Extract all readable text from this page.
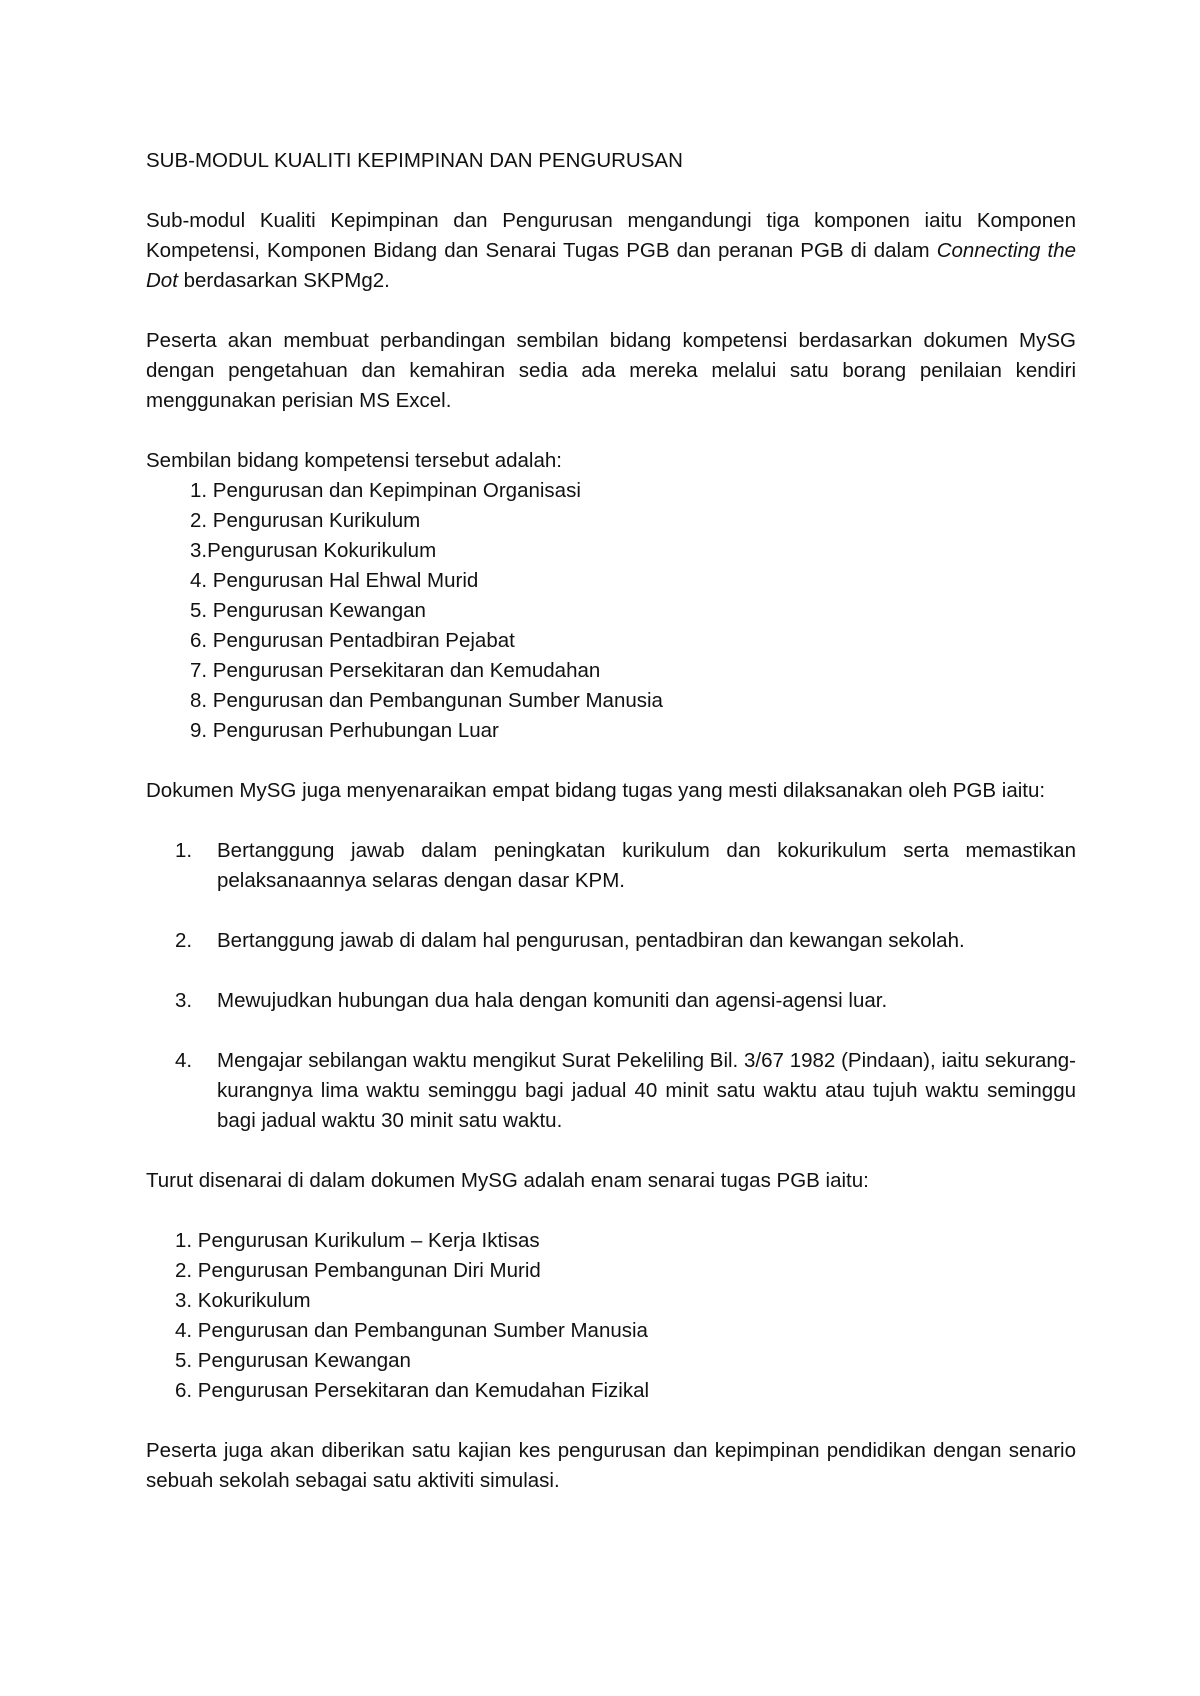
SUB-MODUL KUALITI KEPIMPINAN DAN PENGURUSAN

Sub-modul Kualiti Kepimpinan dan Pengurusan mengandungi tiga komponen iaitu Komponen Kompetensi, Komponen Bidang dan Senarai Tugas PGB dan peranan PGB di dalam Connecting the Dot berdasarkan SKPMg2.

Peserta akan membuat perbandingan sembilan bidang kompetensi berdasarkan dokumen MySG dengan pengetahuan dan kemahiran sedia ada mereka melalui satu borang penilaian kendiri menggunakan perisian MS Excel.

Sembilan bidang kompetensi tersebut adalah:
1. Pengurusan dan Kepimpinan Organisasi
2. Pengurusan Kurikulum
3.Pengurusan Kokurikulum
4. Pengurusan Hal Ehwal Murid
5. Pengurusan Kewangan
6. Pengurusan Pentadbiran Pejabat
7. Pengurusan Persekitaran dan Kemudahan
8. Pengurusan dan Pembangunan Sumber Manusia
9. Pengurusan Perhubungan Luar
Dokumen MySG juga menyenaraikan empat bidang tugas yang mesti dilaksanakan oleh PGB iaitu:
1.	Bertanggung jawab dalam peningkatan kurikulum dan kokurikulum serta memastikan pelaksanaannya selaras dengan dasar KPM.
2.	Bertanggung jawab di dalam hal pengurusan, pentadbiran dan kewangan sekolah.
3.	Mewujudkan hubungan dua hala dengan komuniti dan agensi-agensi luar.
4.	Mengajar sebilangan waktu mengikut Surat Pekeliling Bil. 3/67 1982 (Pindaan), iaitu sekurang-kurangnya lima waktu seminggu bagi jadual 40 minit satu waktu atau tujuh waktu seminggu bagi jadual waktu 30 minit satu waktu.

Turut disenarai di dalam dokumen MySG adalah enam senarai tugas PGB iaitu:

1. Pengurusan Kurikulum – Kerja Iktisas
2. Pengurusan Pembangunan Diri Murid
3. Kokurikulum
4. Pengurusan dan Pembangunan Sumber Manusia
5. Pengurusan Kewangan
6. Pengurusan Persekitaran dan Kemudahan Fizikal

Peserta juga akan diberikan satu kajian kes pengurusan dan kepimpinan pendidikan dengan senario sebuah sekolah sebagai satu aktiviti simulasi.
